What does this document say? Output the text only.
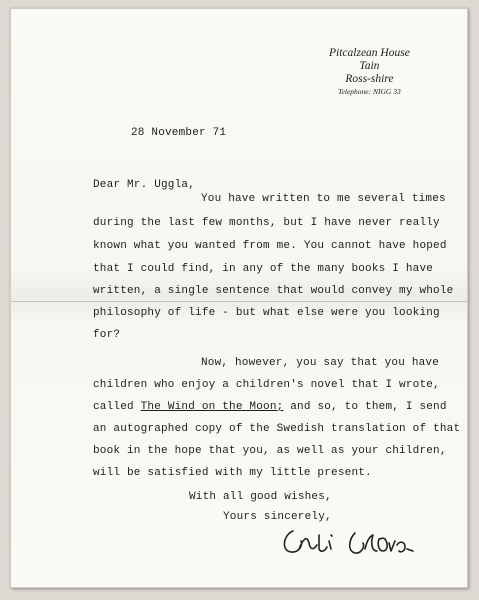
Pitcalzean House
Tain
Ross-shire
Telephone: NIGG 33
28 November 71
Dear Mr. Uggla,
You have written to me several times
during the last few months, but I have never really
known what you wanted from me. You cannot have hoped
that I could find, in any of the many books I have
written, a single sentence that would convey my whole
philosophy of life - but what else were you looking
for?
Now, however, you say that you have
children who enjoy a children's novel that I wrote,
called The Wind on the Moon; and so, to them, I send
an autographed copy of the Swedish translation of that
book in the hope that you, as well as your children,
will be satisfied with my little present.
With all good wishes,
Yours sincerely,
